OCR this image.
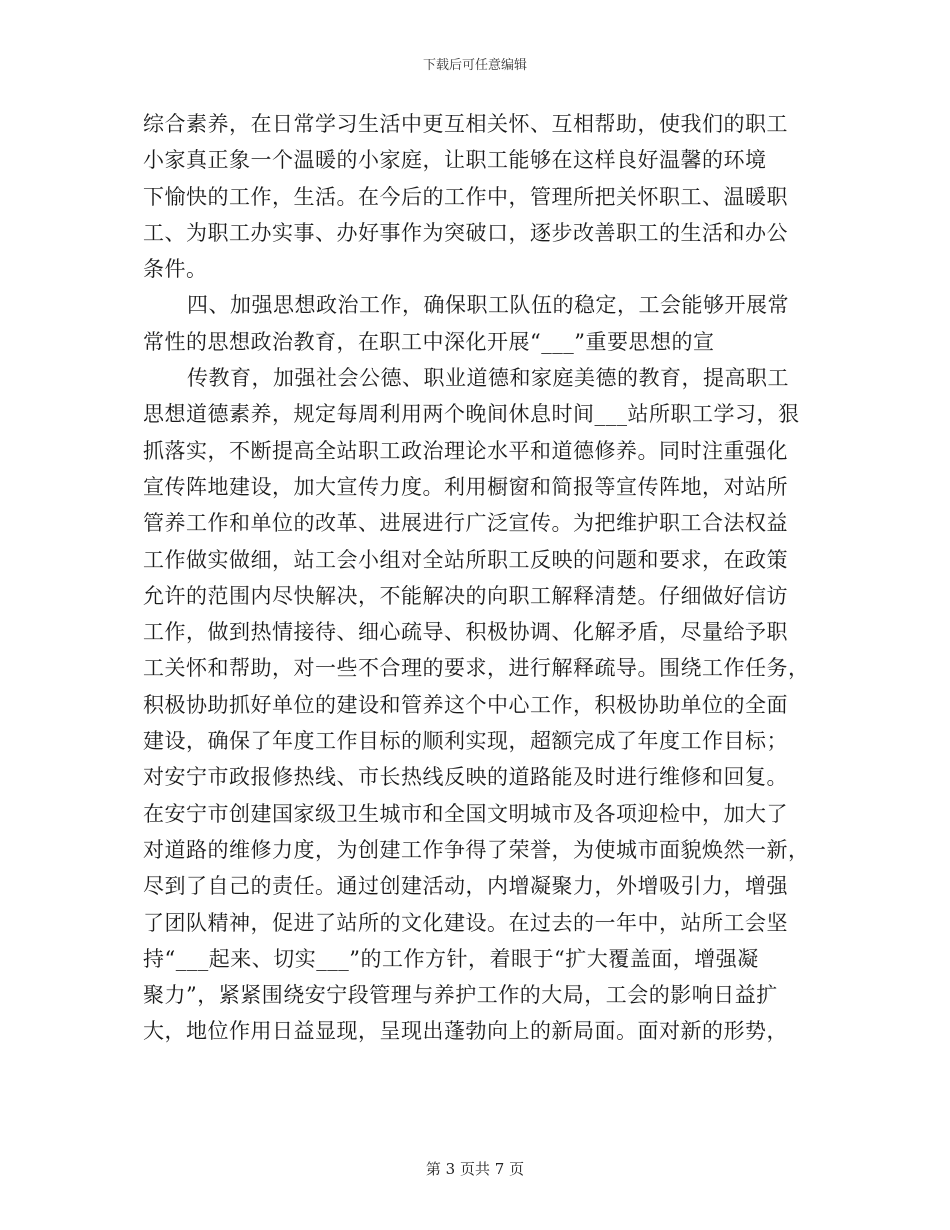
下载后可任意编辑
综合素养，在日常学习生活中更互相关怀、互相帮助，使我们的职工
小家真正象一个温暖的小家庭，让职工能够在这样良好温馨的环境
下愉快的工作，生活。在今后的工作中，管理所把关怀职工、温暖职
工、为职工办实事、办好事作为突破口，逐步改善职工的生活和办公
条件。
四、加强思想政治工作，确保职工队伍的稳定，工会能够开展常
常性的思想政治教育，在职工中深化开展“___”重要思想的宣
传教育，加强社会公德、职业道德和家庭美德的教育，提高职工
思想道德素养，规定每周利用两个晚间休息时间___站所职工学习，狠
抓落实，不断提高全站职工政治理论水平和道德修养。同时注重强化
宣传阵地建设，加大宣传力度。利用橱窗和简报等宣传阵地，对站所
管养工作和单位的改革、进展进行广泛宣传。为把维护职工合法权益
工作做实做细，站工会小组对全站所职工反映的问题和要求，在政策
允许的范围内尽快解决，不能解决的向职工解释清楚。仔细做好信访
工作，做到热情接待、细心疏导、积极协调、化解矛盾，尽量给予职
工关怀和帮助，对一些不合理的要求，进行解释疏导。围绕工作任务，
积极协助抓好单位的建设和管养这个中心工作，积极协助单位的全面
建设，确保了年度工作目标的顺利实现，超额完成了年度工作目标；
对安宁市政报修热线、市长热线反映的道路能及时进行维修和回复。
在安宁市创建国家级卫生城市和全国文明城市及各项迎检中，加大了
对道路的维修力度，为创建工作争得了荣誉，为使城市面貌焕然一新，
尽到了自己的责任。通过创建活动，内增凝聚力，外增吸引力，增强
了团队精神，促进了站所的文化建设。在过去的一年中，站所工会坚
持“___起来、切实___”的工作方针，着眼于“扩大覆盖面，增强凝
聚力”，紧紧围绕安宁段管理与养护工作的大局，工会的影响日益扩
大，地位作用日益显现，呈现出蓬勃向上的新局面。面对新的形势，
第 3 页共 7 页
